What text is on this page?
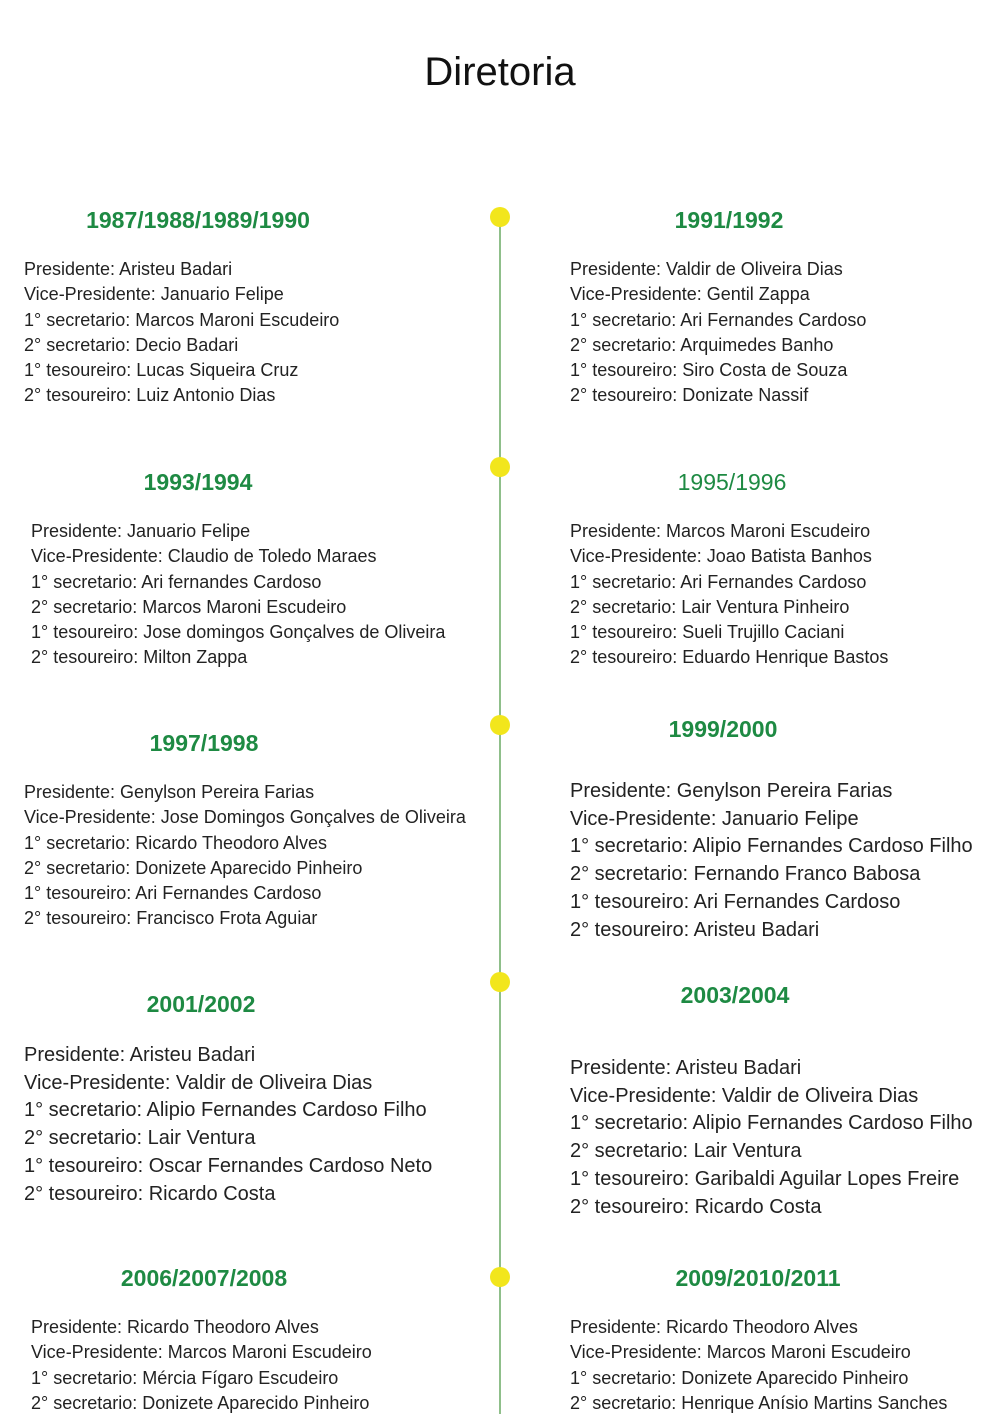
Diretoria
1987/1988/1989/1990
Presidente: Aristeu Badari
Vice-Presidente: Januario Felipe
1° secretario: Marcos Maroni Escudeiro
2° secretario: Decio Badari
1° tesoureiro: Lucas Siqueira Cruz
2° tesoureiro: Luiz Antonio Dias
1991/1992
Presidente: Valdir de Oliveira Dias
Vice-Presidente: Gentil Zappa
1° secretario: Ari Fernandes Cardoso
2° secretario: Arquimedes Banho
1° tesoureiro: Siro Costa de Souza
2° tesoureiro: Donizate Nassif
1993/1994
Presidente: Januario Felipe
Vice-Presidente: Claudio de Toledo Maraes
1° secretario: Ari fernandes Cardoso
2° secretario: Marcos Maroni Escudeiro
1° tesoureiro: Jose domingos Gonçalves de Oliveira
2° tesoureiro: Milton Zappa
1995/1996
Presidente: Marcos Maroni Escudeiro
Vice-Presidente: Joao Batista Banhos
1° secretario: Ari Fernandes Cardoso
2° secretario: Lair Ventura Pinheiro
1° tesoureiro: Sueli Trujillo Caciani
2° tesoureiro: Eduardo Henrique Bastos
1997/1998
Presidente: Genylson Pereira Farias
Vice-Presidente: Jose Domingos Gonçalves de Oliveira
1° secretario: Ricardo Theodoro Alves
2° secretario: Donizete Aparecido Pinheiro
1° tesoureiro: Ari Fernandes Cardoso
2° tesoureiro: Francisco Frota Aguiar
1999/2000
Presidente: Genylson Pereira Farias
Vice-Presidente: Januario Felipe
1° secretario: Alipio Fernandes Cardoso Filho
2° secretario: Fernando Franco Babosa
1° tesoureiro: Ari Fernandes Cardoso
2° tesoureiro: Aristeu Badari
2001/2002
Presidente: Aristeu Badari
Vice-Presidente: Valdir de Oliveira Dias
1° secretario: Alipio Fernandes Cardoso Filho
2° secretario: Lair Ventura
1° tesoureiro: Oscar Fernandes Cardoso Neto
2° tesoureiro: Ricardo Costa
2003/2004
Presidente: Aristeu Badari
Vice-Presidente: Valdir de Oliveira Dias
1° secretario: Alipio Fernandes Cardoso Filho
2° secretario: Lair Ventura
1° tesoureiro: Garibaldi Aguilar Lopes Freire
2° tesoureiro: Ricardo Costa
2006/2007/2008
Presidente: Ricardo Theodoro Alves
Vice-Presidente: Marcos Maroni Escudeiro
1° secretario: Mércia Fígaro Escudeiro
2° secretario: Donizete Aparecido Pinheiro
2009/2010/2011
Presidente: Ricardo Theodoro Alves
Vice-Presidente: Marcos Maroni Escudeiro
1° secretario: Donizete Aparecido Pinheiro
2° secretario: Henrique Anísio Martins Sanches
